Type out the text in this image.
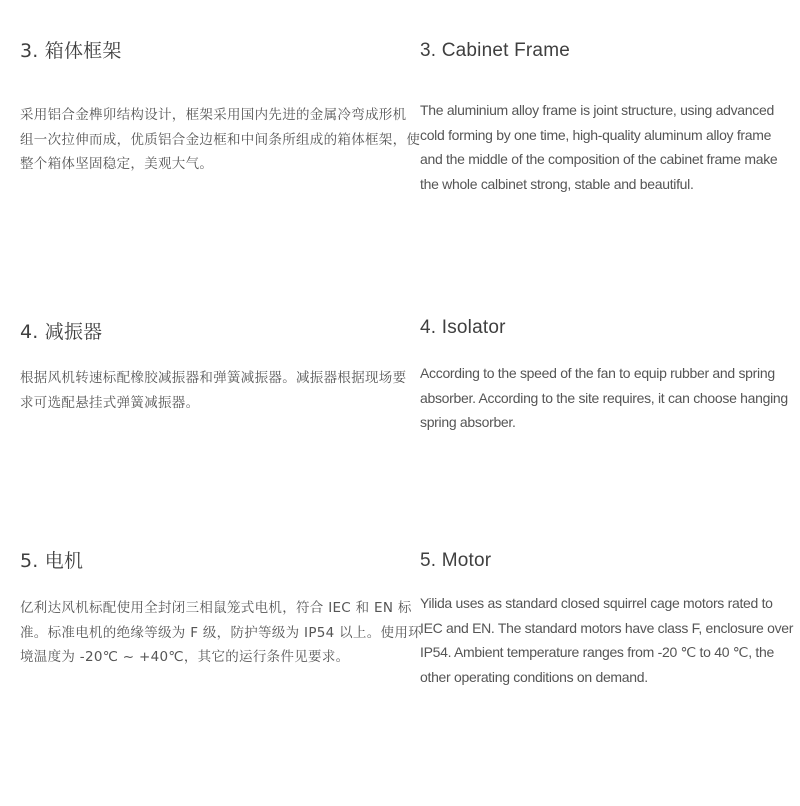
3. 箱体框架
采用铝合金榫卯结构设计，框架采用国内先进的金属冷弯成形机
组一次拉伸而成，优质铝合金边框和中间条所组成的箱体框架，使
整个箱体坚固稳定，美观大气。
3. Cabinet Frame
The aluminium alloy frame is joint structure, using advanced
cold forming by one time, high-quality aluminum alloy frame
and the middle of the composition of the cabinet frame make
the whole calbinet strong, stable and beautiful.
4. 减振器
根据风机转速标配橡胶减振器和弹簧减振器。减振器根据现场要
求可选配悬挂式弹簧减振器。
4. Isolator
According to the speed of the fan to equip rubber and spring
absorber. According to the site requires, it can choose hanging
spring absorber.
5. 电机
亿利达风机标配使用全封闭三相鼠笼式电机，符合 IEC 和 EN 标
准。标准电机的绝缘等级为 F 级，防护等级为 IP54 以上。使用环
境温度为 -20℃ ~ +40℃，其它的运行条件见要求。
5. Motor
Yilida uses as standard closed squirrel cage motors rated to
IEC and EN. The standard motors have class F, enclosure over
IP54. Ambient temperature ranges from -20 ℃ to 40 ℃, the
other operating conditions on demand.
